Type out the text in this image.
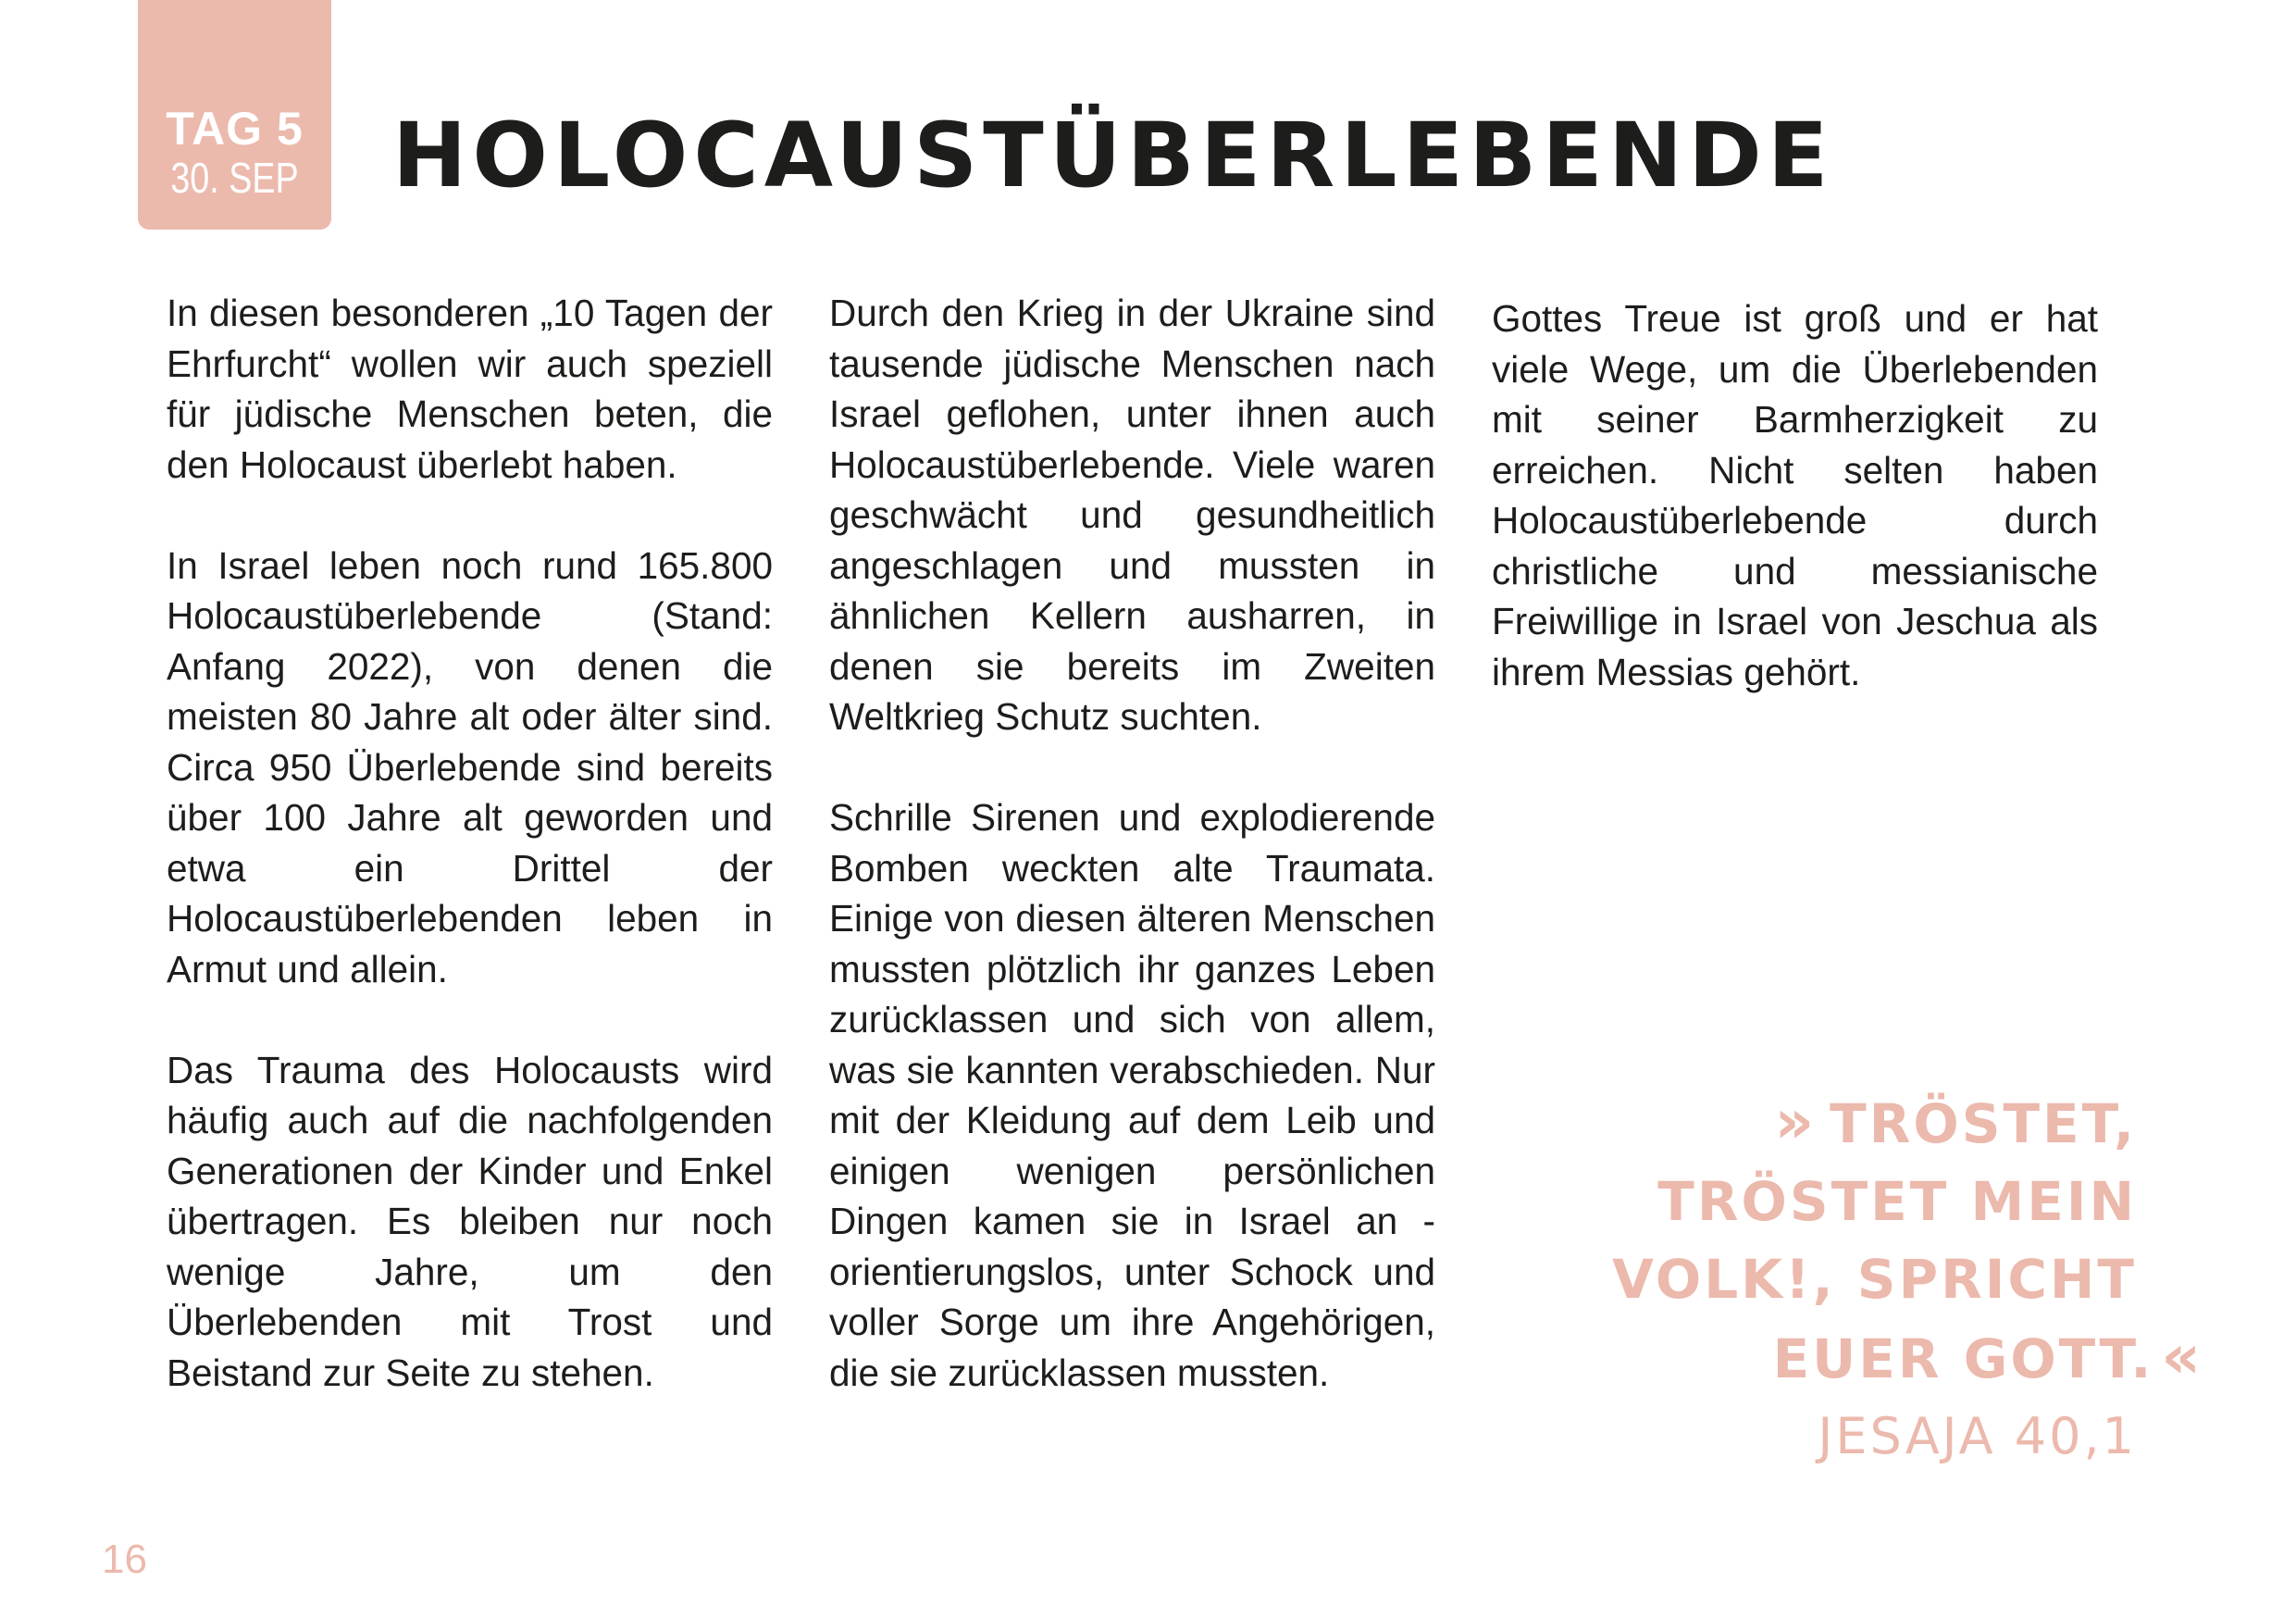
TAG 5
30. SEP HOLOCAUSTÜBERLEBENDE

In diesen besonderen „10 Tagen der Ehrfurcht“ wollen wir auch speziell für jüdische Menschen beten, die den Holocaust überlebt haben.

In Israel leben noch rund 165.800 Holocaustüberlebende (Stand: Anfang 2022), von denen die meisten 80 Jahre alt oder älter sind. Circa 950 Überlebende sind bereits über 100 Jahre alt geworden und etwa ein Drittel der Holocaustüberlebenden leben in Armut und allein.

Das Trauma des Holocausts wird häufig auch auf die nachfolgenden Generationen der Kinder und Enkel übertragen. Es bleiben nur noch wenige Jahre, um den Überlebenden mit Trost und Beistand zur Seite zu stehen.

Durch den Krieg in der Ukraine sind tausende jüdische Menschen nach Israel geflohen, unter ihnen auch Holocaustüberlebende. Viele waren geschwächt und gesundheitlich angeschlagen und mussten in ähnlichen Kellern ausharren, in denen sie bereits im Zweiten Weltkrieg Schutz suchten.

Schrille Sirenen und explodierende Bomben weckten alte Traumata. Einige von diesen älteren Menschen mussten plötzlich ihr ganzes Leben zurücklassen und sich von allem, was sie kannten verabschieden. Nur mit der Kleidung auf dem Leib und einigen wenigen persönlichen Dingen kamen sie in Israel an - orientierungslos, unter Schock und voller Sorge um ihre Angehörigen, die sie zurücklassen mussten.

Gottes Treue ist groß und er hat viele Wege, um die Überlebenden mit seiner Barmherzigkeit zu erreichen. Nicht selten haben Holocaustüberlebende durch christliche und messianische Freiwillige in Israel von Jeschua als ihrem Messias gehört.

» TRÖSTET,
TRÖSTET MEIN
VOLK!, SPRICHT
EUER GOTT. «
JESAJA 40,1
16
